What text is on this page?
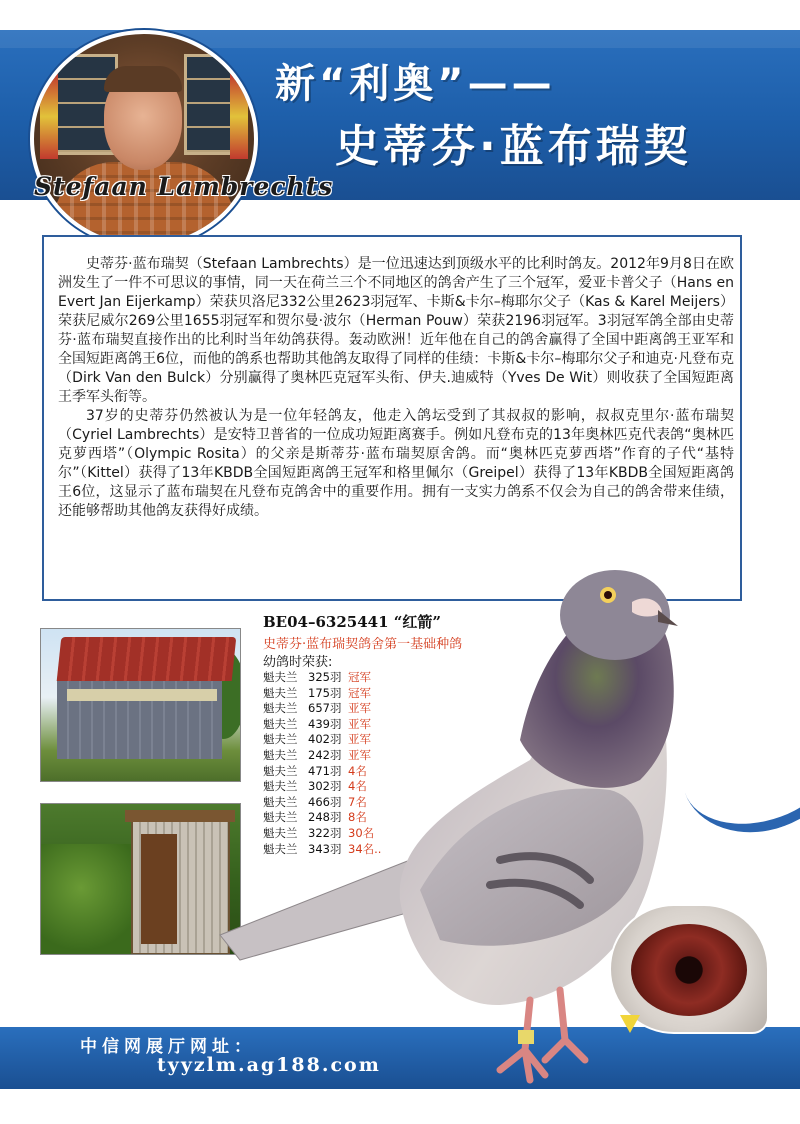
Stefaan Lambrechts
新“利奥”——
史蒂芬·蓝布瑞契

史蒂芬·蓝布瑞契（Stefaan Lambrechts）是一位迅速达到顶级水平的比利时鸽友。2012年9月8日在欧洲发生了一件不可思议的事情，同一天在荷兰三个不同地区的鸽舍产生了三个冠军，爱亚卡普父子（Hans en Evert Jan Eijerkamp）荣获贝洛尼332公里2623羽冠军、卡斯&卡尔–梅耶尔父子（Kas & Karel Meijers）荣获尼威尔269公里1655羽冠军和贺尔曼·波尔（Herman Pouw）荣获2196羽冠军。3羽冠军鸽全部由史蒂芬·蓝布瑞契直接作出的比利时当年幼鸽获得。轰动欧洲！近年他在自己的鸽舍赢得了全国中距离鸽王亚军和全国短距离鸽王6位，而他的鸽系也帮助其他鸽友取得了同样的佳绩：卡斯&卡尔–梅耶尔父子和迪克·凡登布克（Dirk Van den Bulck）分别赢得了奥林匹克冠军头衔、伊夫.迪威特（Yves De Wit）则收获了全国短距离王季军头衔等。

37岁的史蒂芬仍然被认为是一位年轻鸽友，他走入鸽坛受到了其叔叔的影响，叔叔克里尔·蓝布瑞契（Cyriel Lambrechts）是安特卫普省的一位成功短距离赛手。例如凡登布克的13年奥林匹克代表鸽“奥林匹克萝西塔”（Olympic Rosita）的父亲是斯蒂芬·蓝布瑞契原舍鸽。而“奥林匹克萝西塔”作育的子代“基特尔”（Kittel）获得了13年KBDB全国短距离鸽王冠军和格里佩尔（Greipel）获得了13年KBDB全国短距离鸽王6位，这显示了蓝布瑞契在凡登布克鸽舍中的重要作用。拥有一支实力鸽系不仅会为自己的鸽舍带来佳绩，还能够帮助其他鸽友获得好成绩。

BE04–6325441 “红箭”
史蒂芬·蓝布瑞契鸽舍第一基础种鸽
幼鸽时荣获:
魁夫兰 325羽 冠军
魁夫兰 175羽 冠军
魁夫兰 657羽 亚军
魁夫兰 439羽 亚军
魁夫兰 402羽 亚军
魁夫兰 242羽 亚军
魁夫兰 471羽 4名
魁夫兰 302羽 4名
魁夫兰 466羽 7名
魁夫兰 248羽 8名
魁夫兰 322羽 30名
魁夫兰 343羽 34名..
中信网展厅网址：
tyyzlm.ag188.com
